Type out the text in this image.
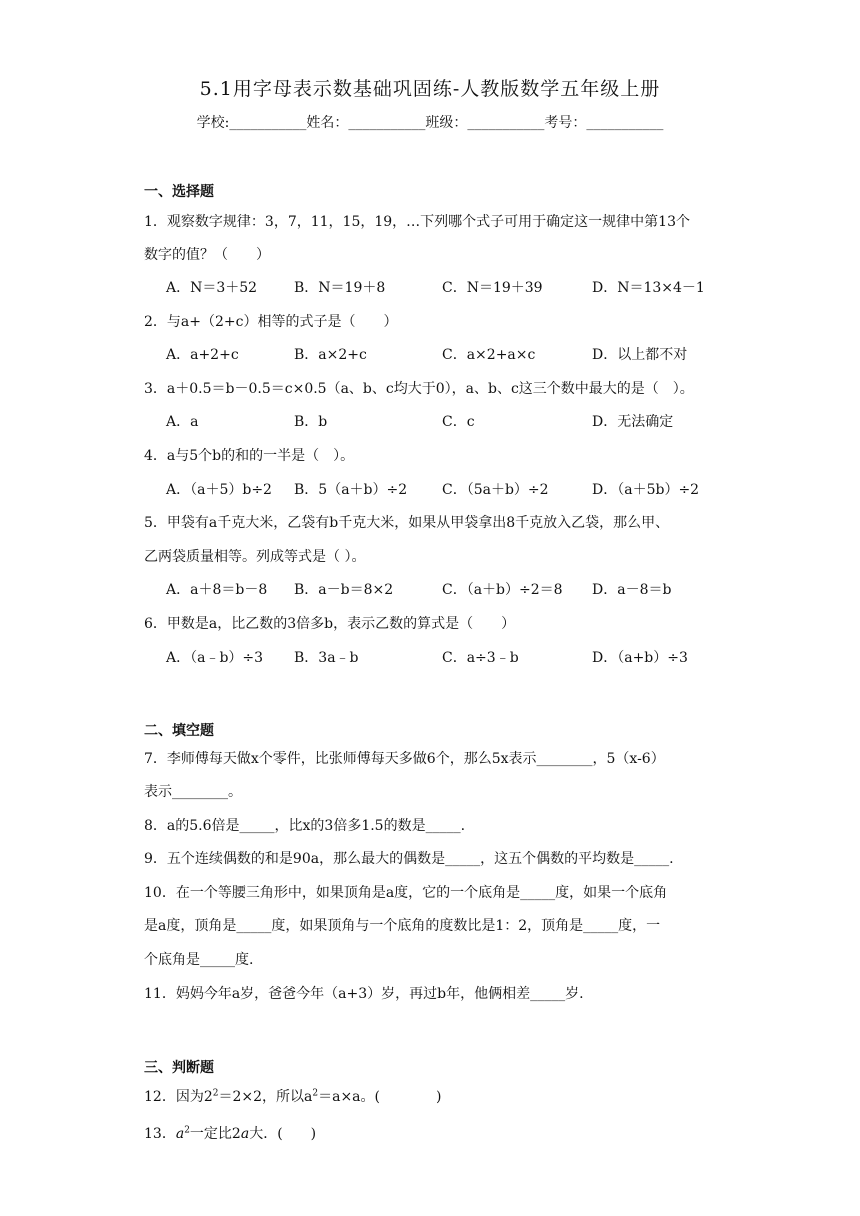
5.1用字母表示数基础巩固练-人教版数学五年级上册
学校:___________姓名：___________班级：___________考号：___________
一、选择题
1．观察数字规律：3，7，11，15，19，…下列哪个式子可用于确定这一规律中第13个
数字的值？（　　）
A．N＝3＋52	B．N＝19＋8	C．N＝19＋39	D．N＝13×4－1
2．与a+（2+c）相等的式子是（　　）
A．a+2+c	B．a×2+c	C．a×2+a×c	D．以上都不对
3．a＋0.5＝b－0.5＝c×0.5（a、b、c均大于0），a、b、c这三个数中最大的是（　）。
A．a	B．b	C．c	D．无法确定
4．a与5个b的和的一半是（　）。
A．（a＋5）b÷2 B．5（a＋b）÷2 C．（5a＋b）÷2	D．（a＋5b）÷2
5．甲袋有a千克大米，乙袋有b千克大米，如果从甲袋拿出8千克放入乙袋，那么甲、
乙两袋质量相等。列成等式是（ ）。
A．a＋8＝b－8 B．a－b＝8×2	C．（a＋b）÷2＝8 D．a－8＝b
6．甲数是a，比乙数的3倍多b，表示乙数的算式是（　　）
A．（a﹣b）÷3 B．3a﹣b	C．a÷3﹣b	D．（a+b）÷3
二、填空题
7．李师傅每天做x个零件，比张师傅每天多做6个，那么5x表示________，5（x-6）
表示________。
8．a的5.6倍是_____，比x的3倍多1.5的数是_____.
9．五个连续偶数的和是90a，那么最大的偶数是_____，这五个偶数的平均数是_____.
10．在一个等腰三角形中，如果顶角是a度，它的一个底角是_____度，如果一个底角
是a度，顶角是_____度，如果顶角与一个底角的度数比是1：2，顶角是_____度，一
个底角是_____度.
11．妈妈今年a岁，爸爸今年（a+3）岁，再过b年，他俩相差_____岁.
三、判断题
12．因为$2^2=2\times 2$，所以$a^2=a\times a$。(　　　　)
13．$a^2$一定比2a大．(　　)
